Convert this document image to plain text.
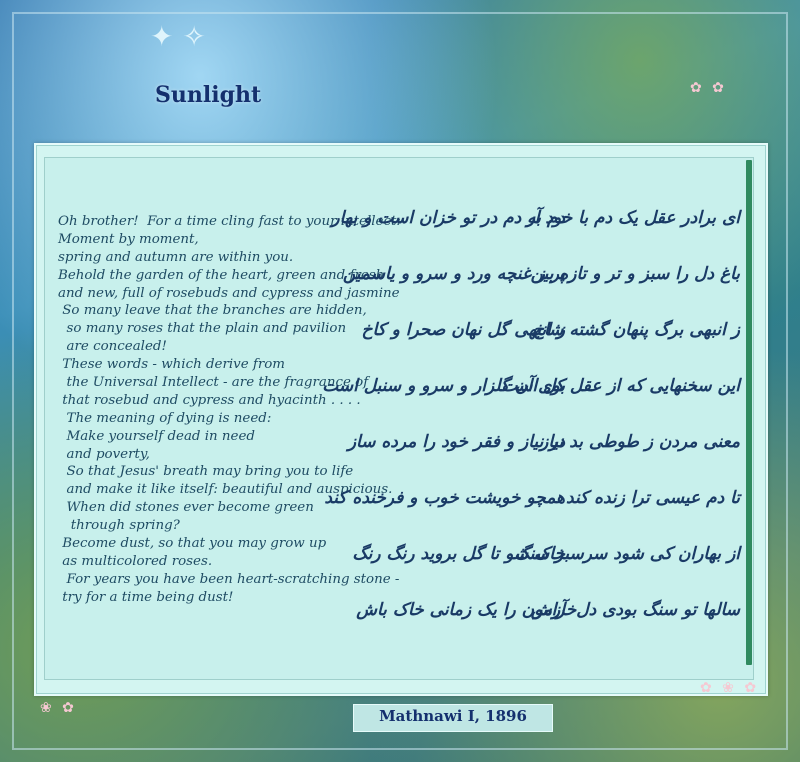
✦ ✧
Sunlight
Oh brother!  For a time cling fast to your intellect:
Moment by moment,
spring and autumn are within you.
Behold the garden of the heart, green and fresh
and new, full of rosebuds and cypress and jasmine
So many leave that the branches are hidden,
so many roses that the plain and pavilion
are concealed!
These words - which derive from
the Universal Intellect - are the fragrance of
that rosebud and cypress and hyacinth . . . .
The meaning of dying is need:
Make yourself dead in need
and poverty,
So that Jesus' breath may bring you to life
and make it like itself: beautiful and auspicious.
When did stones ever become green
through spring?
Become dust, so that you may grow up
as multicolored roses.
For years you have been heart-scratching stone -
try for a time being dust!
ای برادر عقل یک دم با خود آر
دم به دم در تو خزان است و بهار
باغ دل را سبز و تر و تازه بین
پر ز غنچه ورد و سرو و یاسمین
ز انبهی برگ پنهان گشته شاخ
ز انبهی گل نهان صحرا و کاخ
این سخنهایی که از عقل کل است
بوی آن گلزار و سرو و سنبل است
معنی مردن ز طوطی بد نیاز
در نیاز و فقر خود را مرده ساز
تا دم عیسی ترا زنده کند
همچو خویشت خوب و فرخنده کند
از بهاران کی شود سرسبز سنگ
خاک شو تا گل بروید رنگ رنگ
سالها تو سنگ بودی دل‌خراش
آزمون را یک زمانی خاک باش
✿ ✿
✿ ❀ ✿
❀ ✿	Mathnawi I, 1896
